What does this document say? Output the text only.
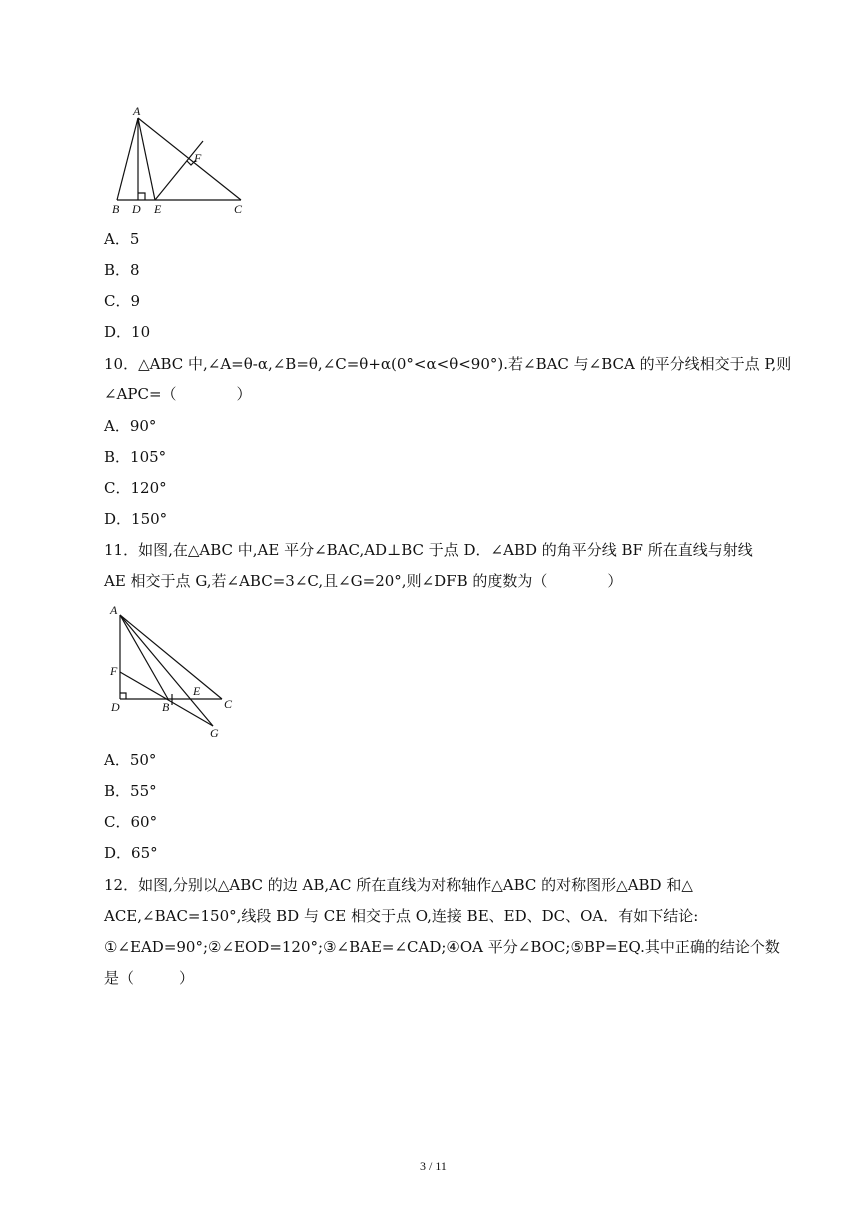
A
F
B D E	C
A．5
B．8
C．9
D．10
10．△ABC 中,∠A=θ-α,∠B=θ,∠C=θ+α(0°<α<θ<90°).若∠BAC 与∠BCA 的平分线相交于点 P,则
∠APC=（　　　　）
A．90°
B．105°
C．120°
D．150°
11．如图,在△ABC 中,AE 平分∠BAC,AD⊥BC 于点 D．∠ABD 的角平分线 BF 所在直线与射线
AE 相交于点 G,若∠ABC=3∠C,且∠G=20°,则∠DFB 的度数为（　　　　）
A
F
E
D	B	C
G
A．50°
B．55°
C．60°
D．65°
12．如图,分别以△ABC 的边 AB,AC 所在直线为对称轴作△ABC 的对称图形△ABD 和△
ACE,∠BAC=150°,线段 BD 与 CE 相交于点 O,连接 BE、ED、DC、OA．有如下结论:
①∠EAD=90°;②∠EOD=120°;③∠BAE=∠CAD;④OA 平分∠BOC;⑤BP=EQ.其中正确的结论个数
是（　　　）
3 / 11
